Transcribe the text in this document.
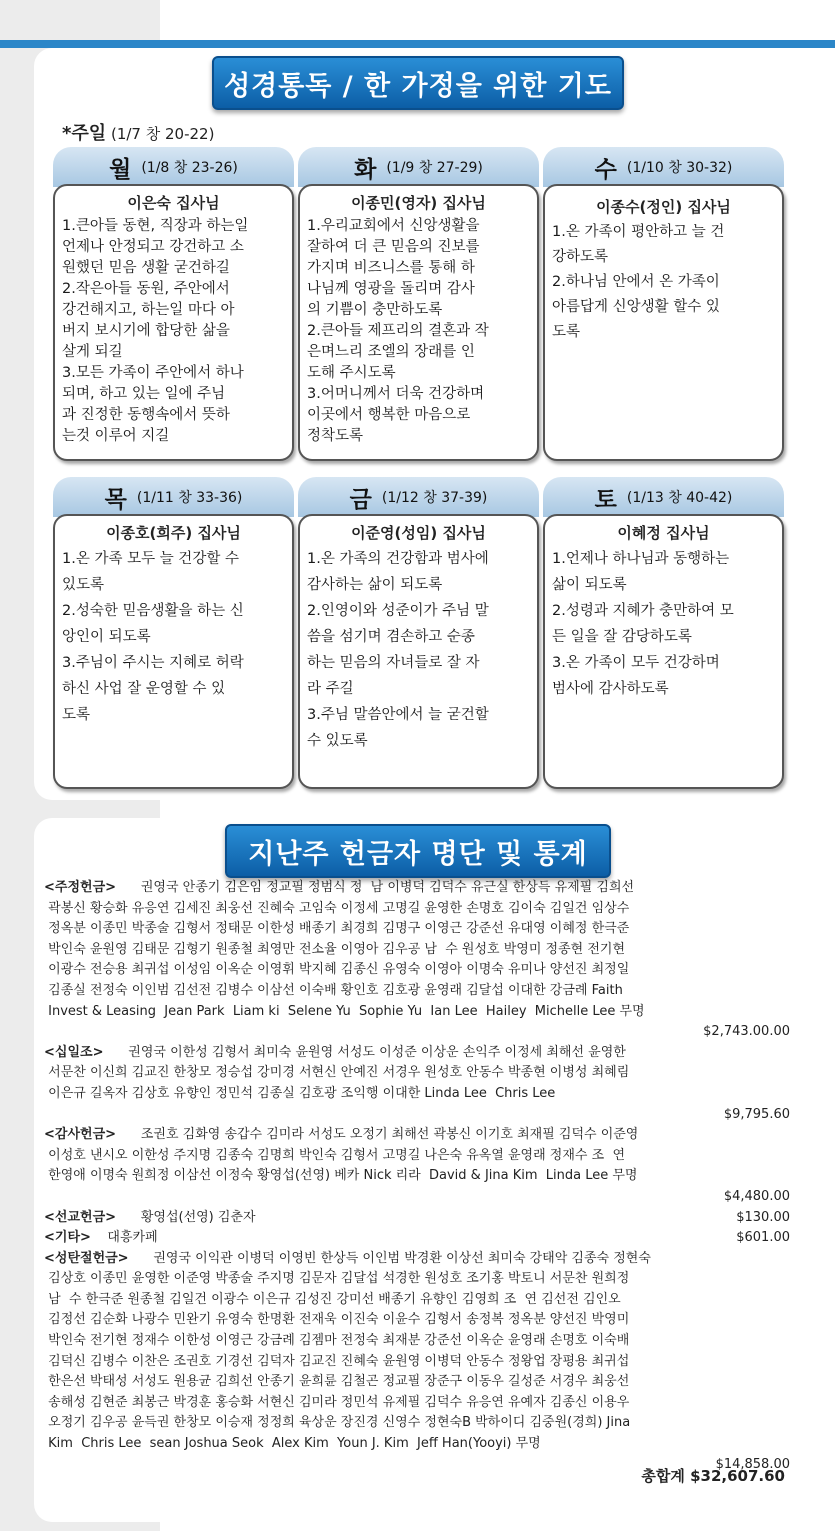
성경통독 / 한 가정을 위한 기도
*주일 (1/7 창 20-22)
월 (1/8 창 23-26)
이은숙 집사님
1.큰아들 동현, 직장과 하는일
언제나 안정되고 강건하고 소
원했던 믿음 생활 굳건하길
2.작은아들 동원, 주안에서
강건해지고, 하는일 마다 아
버지 보시기에 합당한 삶을
살게 되길
3.모든 가족이 주안에서 하나
되며, 하고 있는 일에 주님
과 진정한 동행속에서 뜻하
는것 이루어 지길
화 (1/9 창 27-29)
이종민(영자) 집사님
1.우리교회에서 신앙생활을
잘하여 더 큰 믿음의 진보를
가지며 비즈니스를 통해 하
나님께 영광을 돌리며 감사
의 기쁨이 충만하도록
2.큰아들 제프리의 결혼과 작
은며느리 조엘의 장래를 인
도해 주시도록
3.어머니께서 더욱 건강하며
이곳에서 행복한 마음으로
정착도록
수 (1/10 창 30-32)
이종수(정인) 집사님
1.온 가족이 평안하고 늘 건
강하도록
2.하나님 안에서 온 가족이
아름답게 신앙생활 할수 있
도록
목 (1/11 창 33-36)
이종호(희주) 집사님
1.온 가족 모두 늘 건강할 수
있도록
2.성숙한 믿음생활을 하는 신
앙인이 되도록
3.주님이 주시는 지혜로 허락
하신 사업 잘 운영할 수 있
도록
금 (1/12 창 37-39)
이준영(성임) 집사님
1.온 가족의 건강함과 범사에
감사하는 삶이 되도록
2.인영이와 성준이가 주님 말
씀을 섬기며 겸손하고 순종
하는 믿음의 자녀들로 잘 자
라 주길
3.주님 말씀안에서 늘 굳건할
수 있도록
토 (1/13 창 40-42)
이혜정 집사님
1.언제나 하나님과 동행하는
삶이 되도록
2.성령과 지혜가 충만하여 모
든 일을 잘 감당하도록
3.온 가족이 모두 건강하며
범사에 감사하도록
지난주 헌금자 명단 및 통계
<주정헌금>      권영국 안종기 김은임 정교필 정범식 정  남 이병덕 김덕수 유근실 한상득 유제필 김희선
곽봉신 황승화 유응연 김세진 최웅선 진혜숙 고임숙 이정세 고명길 윤영한 손명호 김이숙 김일건 임상수
정옥분 이종민 박종술 김형서 정태문 이한성 배종기 최경희 김명구 이영근 강준선 유대영 이혜정 한극준
박인숙 윤원영 김태문 김형기 원종철 최영만 전소율 이영아 김우공 남  수 원성호 박영미 정종현 전기현
이광수 전승용 최귀섭 이성임 이옥순 이영휘 박지혜 김종신 유영숙 이영아 이명숙 유미나 양선진 최정일
김종실 전정숙 이인범 김선전 김병수 이삼선 이숙배 황인호 김호광 윤영래 김달섭 이대한 강금례 Faith
Invest & Leasing  Jean Park  Liam ki  Selene Yu  Sophie Yu  Ian Lee  Hailey  Michelle Lee 무명
$2,743.00.00
<십일조>      권영국 이한성 김형서 최미숙 윤원영 서성도 이성준 이상운 손익주 이정세 최해선 윤영한
서문찬 이신희 김교진 한창모 정승섭 강미경 서현신 안예진 서경우 원성호 안동수 박종현 이병성 최혜림
이은규 길옥자 김상호 유향인 정민석 김종실 김호광 조익행 이대한 Linda Lee  Chris Lee
$9,795.60
<감사헌금>      조권호 김화영 송갑수 김미라 서성도 오정기 최해선 곽봉신 이기호 최재필 김덕수 이준영
이성호 낸시오 이한성 주지명 김종숙 김명희 박인숙 김형서 고명길 나은숙 유옥열 윤영래 정재수 조  연
한영애 이명숙 원희정 이삼선 이정숙 황영섭(선영) 베카 Nick 리라  David & Jina Kim  Linda Lee 무명
$4,480.00
<선교헌금>      황영섭(선영) 김춘자	$130.00
<기타>    대흥카페	$601.00
<성탄절헌금>      권영국 이익관 이병덕 이영빈 한상득 이인범 박경환 이상선 최미숙 강태악 김종숙 정현숙
김상호 이종민 윤영한 이준영 박종술 주지명 김문자 김달섭 석경한 원성호 조기홍 박토니 서문찬 원희정
남  수 한극준 원종철 김일건 이광수 이은규 김성진 강미선 배종기 유향인 김영희 조  연 김선전 김인오
김정선 김순화 나광수 민완기 유영숙 한명환 전재욱 이진숙 이윤수 김형서 송정복 정옥분 양선진 박영미
박인숙 전기현 정재수 이한성 이영근 강금례 김젬마 전정숙 최재분 강준선 이옥순 윤영래 손명호 이숙배
김덕신 김병수 이찬은 조권호 기경선 김덕자 김교진 진혜숙 윤원영 이병덕 안동수 정왕업 장평용 최귀섭
한은선 박태성 서성도 원용균 김희선 안종기 윤희륜 김철곤 정교필 장준구 이동우 길성준 서경우 최웅선
송해성 김현준 최봉근 박경훈 홍승화 서현신 김미라 정민석 유제필 김덕수 유응연 유예자 김종신 이용우
오정기 김우공 윤득권 한창모 이승재 정정희 육상운 장진경 신영수 정현숙B 박하이디 김중원(경희) Jina
Kim  Chris Lee  sean Joshua Seok  Alex Kim  Youn J. Kim  Jeff Han(Yooyi) 무명
$14,858.00
총합계 $32,607.60
